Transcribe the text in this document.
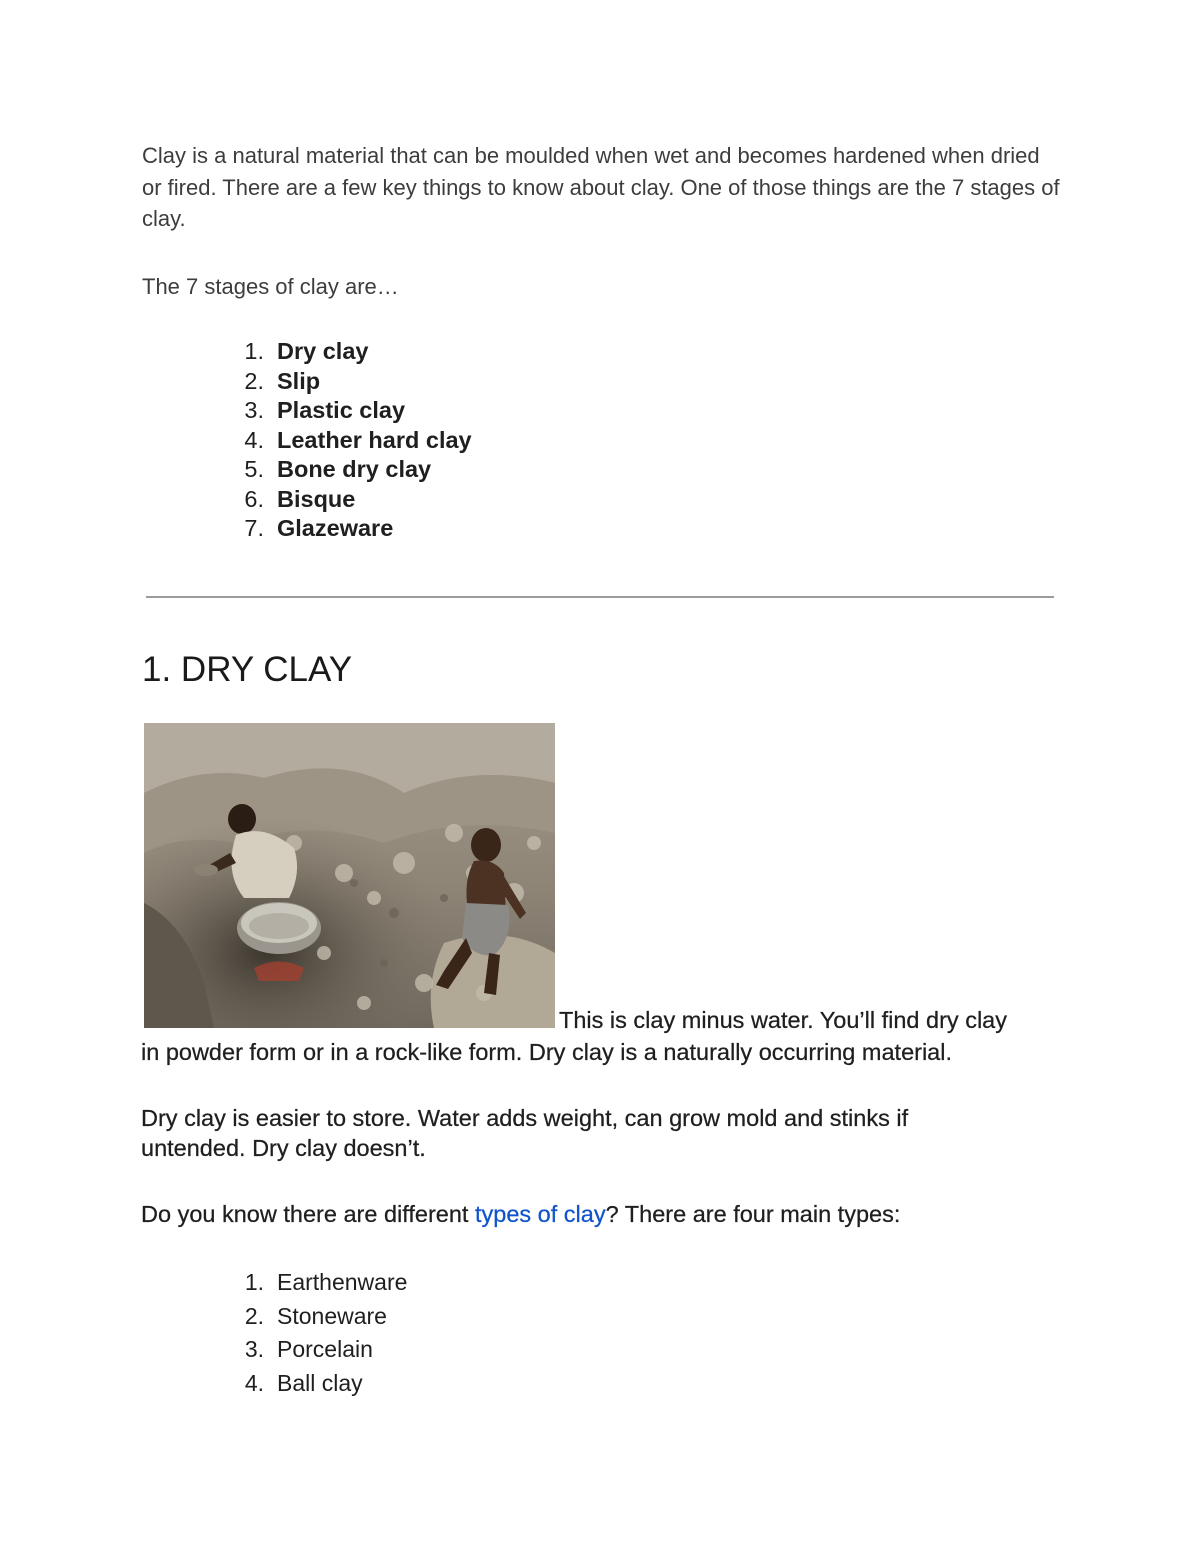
Clay is a natural material that can be moulded when wet and becomes hardened when dried or fired. There are a few key things to know about clay. One of those things are the 7 stages of clay.

The 7 stages of clay are…

1. Dry clay
2. Slip
3. Plastic clay
4. Leather hard clay
5. Bone dry clay
6. Bisque
7. Glazeware
1. DRY CLAY

This is clay minus water. You’ll find dry clay

in powder form or in a rock-like form. Dry clay is a naturally occurring material.

Dry clay is easier to store. Water adds weight, can grow mold and stinks if
untended. Dry clay doesn’t.

Do you know there are different types of clay? There are four main types:

1. Earthenware
2. Stoneware
3. Porcelain
4. Ball clay
